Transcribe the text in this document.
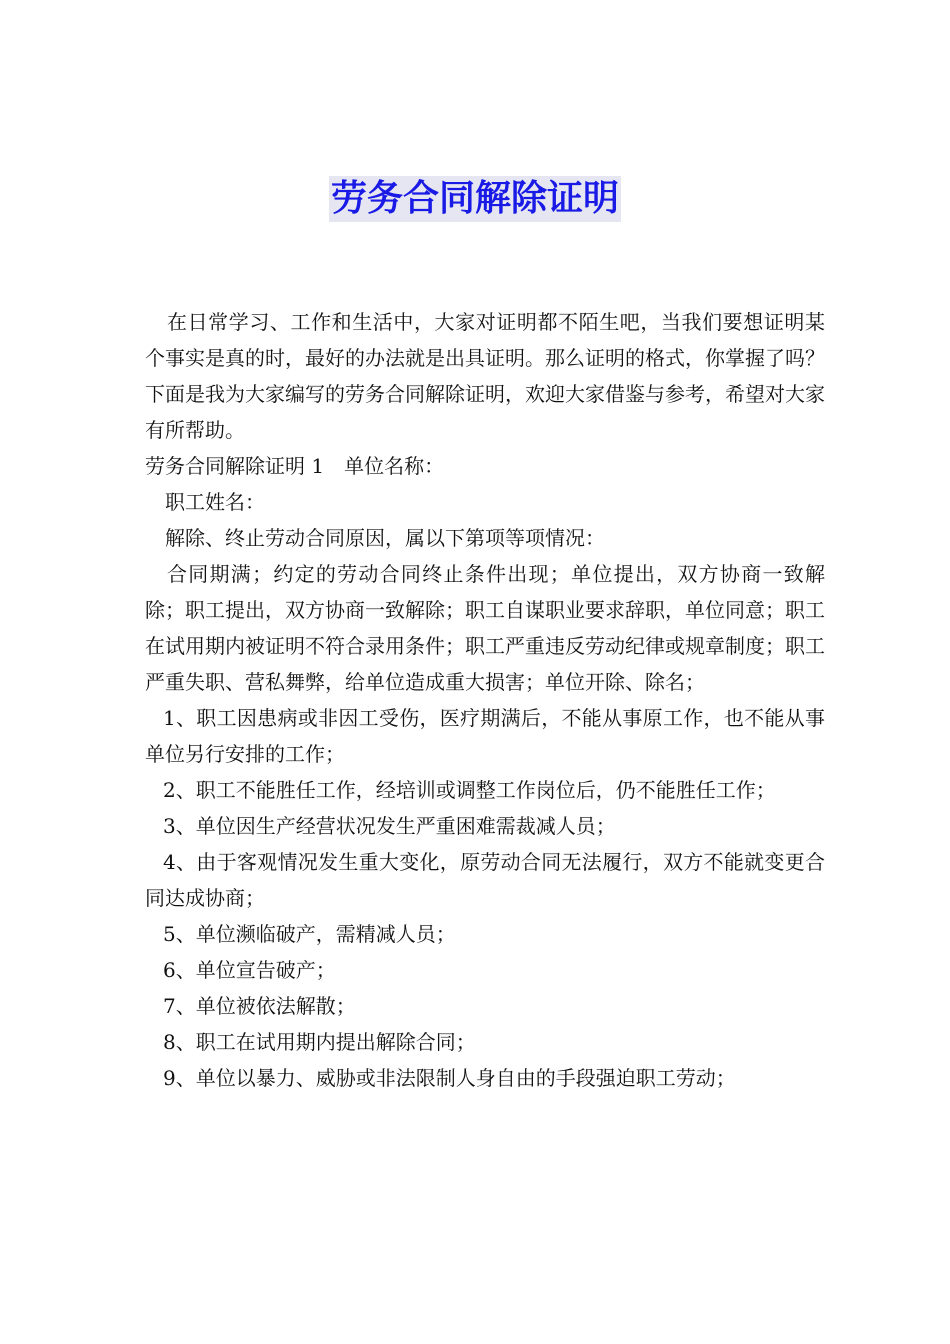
劳务合同解除证明

在日常学习、工作和生活中，大家对证明都不陌生吧，当我们要想证明某个事实是真的时，最好的办法就是出具证明。那么证明的格式，你掌握了吗？下面是我为大家编写的劳务合同解除证明，欢迎大家借鉴与参考，希望对大家有所帮助。

劳务合同解除证明 1 单位名称：

职工姓名：

解除、终止劳动合同原因，属以下第项等项情况：

合同期满；约定的劳动合同终止条件出现；单位提出，双方协商一致解除；职工提出，双方协商一致解除；职工自谋职业要求辞职，单位同意；职工在试用期内被证明不符合录用条件；职工严重违反劳动纪律或规章制度；职工严重失职、营私舞弊，给单位造成重大损害；单位开除、除名；

1、职工因患病或非因工受伤，医疗期满后，不能从事原工作，也不能从事单位另行安排的工作；

2、职工不能胜任工作，经培训或调整工作岗位后，仍不能胜任工作；

3、单位因生产经营状况发生严重困难需裁减人员；

4、由于客观情况发生重大变化，原劳动合同无法履行，双方不能就变更合同达成协商；

5、单位濒临破产，需精减人员；

6、单位宣告破产；

7、单位被依法解散；

8、职工在试用期内提出解除合同；

9、单位以暴力、威胁或非法限制人身自由的手段强迫职工劳动；
